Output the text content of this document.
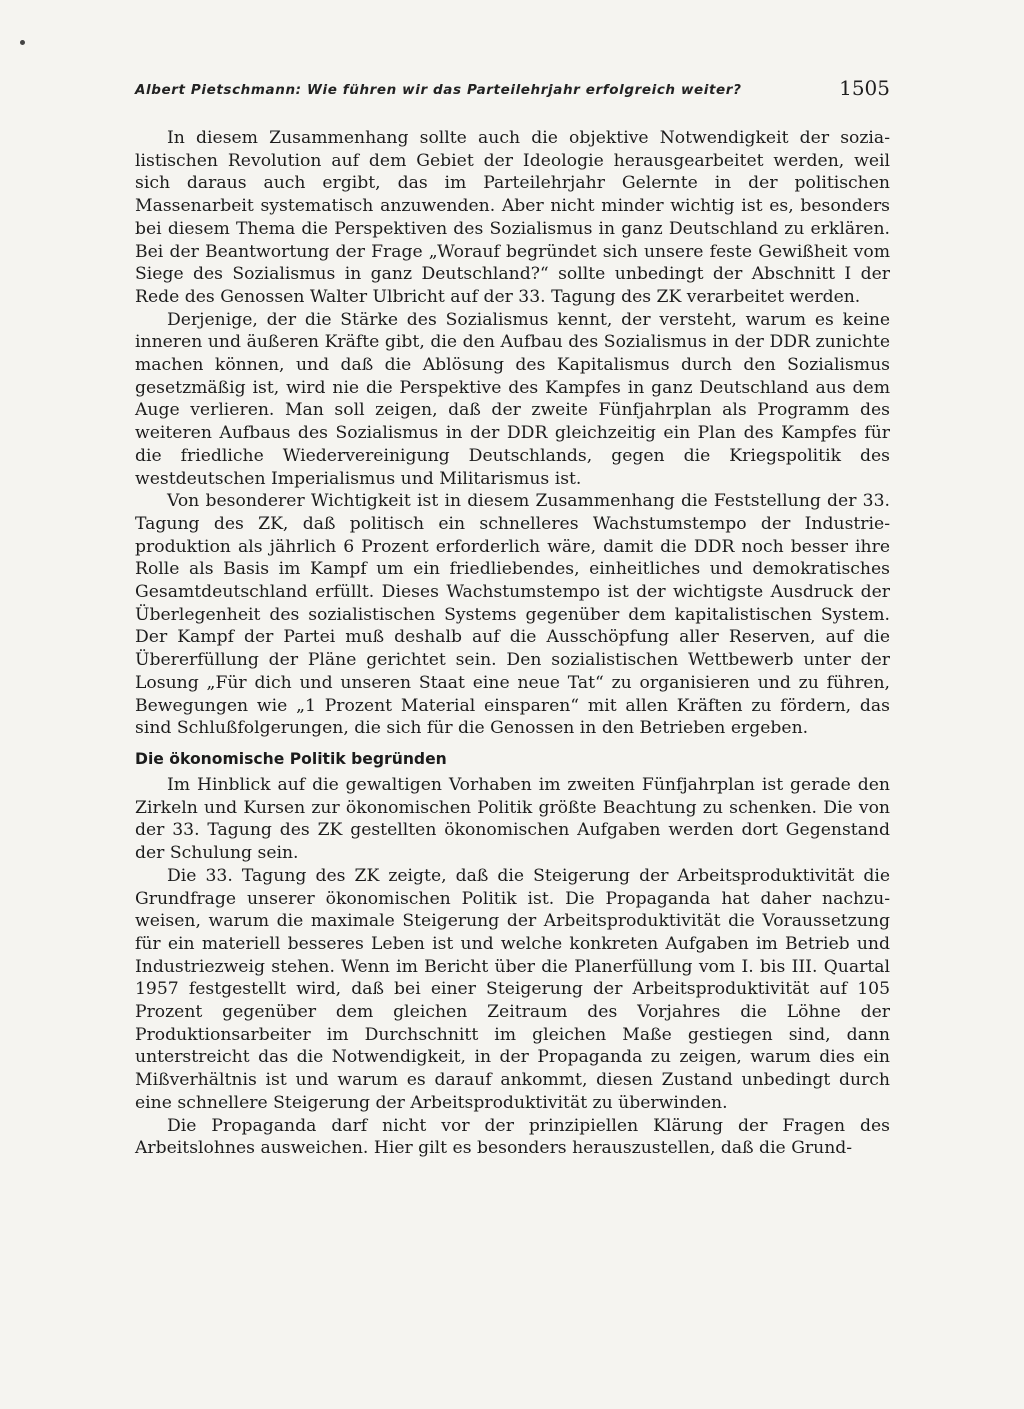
Albert Pietschmann: Wie führen wir das Parteilehrjahr erfolgreich weiter?	1505

In diesem Zusammenhang sollte auch die objektive Notwendigkeit der sozialistischen Revolution auf dem Gebiet der Ideologie herausgearbeitet werden, weil sich daraus auch ergibt, das im Parteilehrjahr Gelernte in der politischen Massenarbeit systematisch anzuwenden. Aber nicht minder wichtig ist es, besonders bei diesem Thema die Perspektiven des Sozialismus in ganz Deutschland zu erklären. Bei der Beantwortung der Frage „Worauf begründet sich unsere feste Gewißheit vom Siege des Sozialismus in ganz Deutschland?“ sollte unbedingt der Abschnitt I der Rede des Genossen Walter Ulbricht auf der 33. Tagung des ZK verarbeitet werden.

Derjenige, der die Stärke des Sozialismus kennt, der versteht, warum es keine inneren und äußeren Kräfte gibt, die den Aufbau des Sozialismus in der DDR zunichte machen können, und daß die Ablösung des Kapitalismus durch den Sozialismus gesetzmäßig ist, wird nie die Perspektive des Kampfes in ganz Deutschland aus dem Auge verlieren. Man soll zeigen, daß der zweite Fünfjahrplan als Programm des weiteren Aufbaus des Sozialismus in der DDR gleichzeitig ein Plan des Kampfes für die friedliche Wiedervereinigung Deutschlands, gegen die Kriegspolitik des westdeutschen Imperialismus und Militarismus ist.

Von besonderer Wichtigkeit ist in diesem Zusammenhang die Feststellung der 33. Tagung des ZK, daß politisch ein schnelleres Wachstumstempo der Industrieproduktion als jährlich 6 Prozent erforderlich wäre, damit die DDR noch besser ihre Rolle als Basis im Kampf um ein friedliebendes, einheitliches und demokratisches Gesamtdeutschland erfüllt. Dieses Wachstumstempo ist der wichtigste Ausdruck der Überlegenheit des sozialistischen Systems gegenüber dem kapitalistischen System. Der Kampf der Partei muß deshalb auf die Ausschöpfung aller Reserven, auf die Übererfüllung der Pläne gerichtet sein. Den sozialistischen Wettbewerb unter der Losung „Für dich und unseren Staat eine neue Tat“ zu organisieren und zu führen, Bewegungen wie „1 Prozent Material einsparen“ mit allen Kräften zu fördern, das sind Schlußfolgerungen, die sich für die Genossen in den Betrieben ergeben.

Die ökonomische Politik begründen

Im Hinblick auf die gewaltigen Vorhaben im zweiten Fünfjahrplan ist gerade den Zirkeln und Kursen zur ökonomischen Politik größte Beachtung zu schenken. Die von der 33. Tagung des ZK gestellten ökonomischen Aufgaben werden dort Gegenstand der Schulung sein.

Die 33. Tagung des ZK zeigte, daß die Steigerung der Arbeitsproduktivität die Grundfrage unserer ökonomischen Politik ist. Die Propaganda hat daher nachzuweisen, warum die maximale Steigerung der Arbeitsproduktivität die Voraussetzung für ein materiell besseres Leben ist und welche konkreten Aufgaben im Betrieb und Industriezweig stehen. Wenn im Bericht über die Planerfüllung vom I. bis III. Quartal 1957 festgestellt wird, daß bei einer Steigerung der Arbeitsproduktivität auf 105 Prozent gegenüber dem gleichen Zeitraum des Vorjahres die Löhne der Produktionsarbeiter im Durchschnitt im gleichen Maße gestiegen sind, dann unterstreicht das die Notwendigkeit, in der Propaganda zu zeigen, warum dies ein Mißverhältnis ist und warum es darauf ankommt, diesen Zustand unbedingt durch eine schnellere Steigerung der Arbeitsproduktivität zu überwinden.

Die Propaganda darf nicht vor der prinzipiellen Klärung der Fragen des Arbeitslohnes ausweichen. Hier gilt es besonders herauszustellen, daß die Grund-
